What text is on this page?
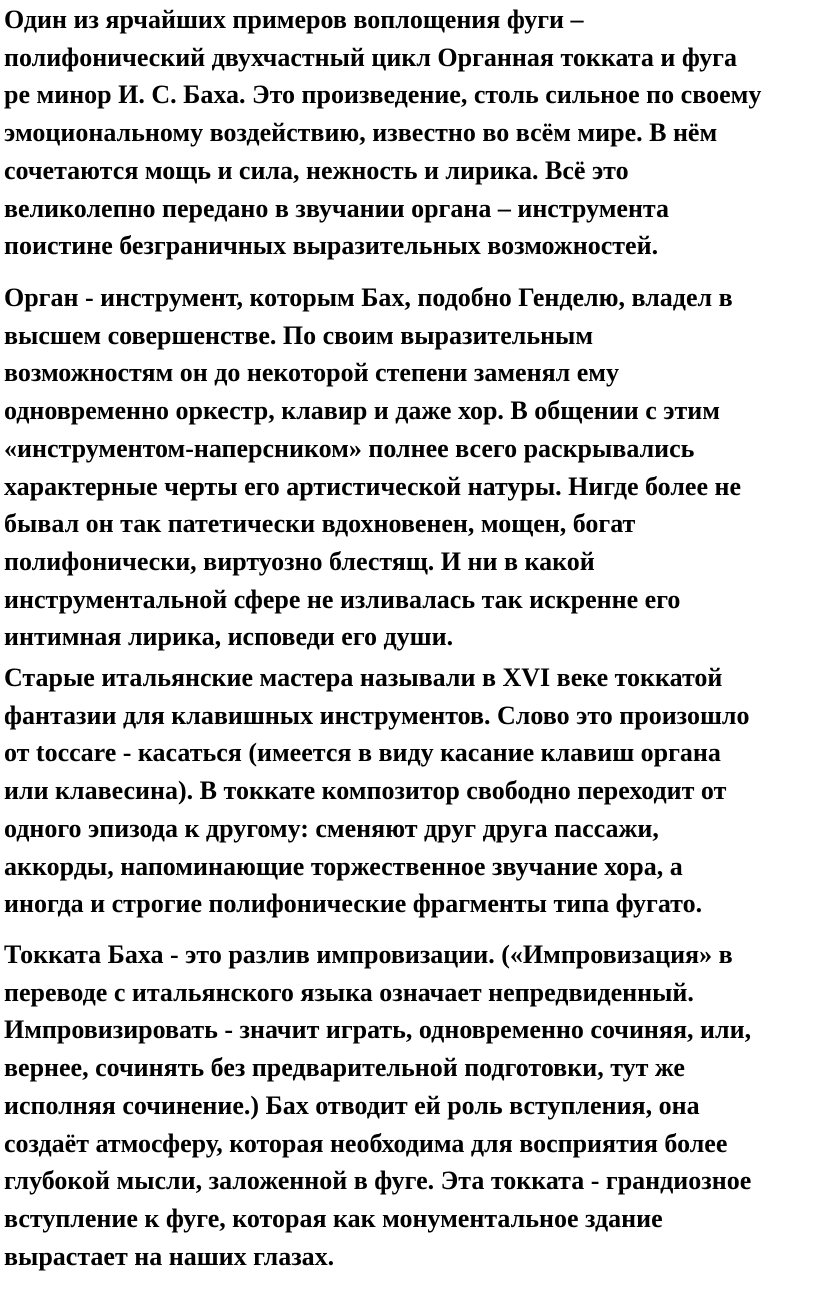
Один из ярчайших примеров воплощения фуги –
полифонический двухчастный цикл Органная токката и фуга
ре минор И. С. Баха. Это произведение, столь сильное по своему
эмоциональному воздействию, известно во всём мире. В нём
сочетаются мощь и сила, нежность и лирика. Всё это
великолепно передано в звучании органа – инструмента
поистине безграничных выразительных возможностей.
Орган - инструмент, которым Бах, подобно Генделю, владел в
высшем совершенстве. По своим выразительным
возможностям он до некоторой степени заменял ему
одновременно оркестр, клавир и даже хор. В общении с этим
«инструментом-наперсником» полнее всего раскрывались
характерные черты его артистической натуры. Нигде более не
бывал он так патетически вдохновенен, мощен, богат
полифонически, виртуозно блестящ. И ни в какой
инструментальной сфере не изливалась так искренне его
интимная лирика, исповеди его души.
Старые итальянские мастера называли в XVI веке токкатой
фантазии для клавишных инструментов. Слово это произошло
от toccare - касаться (имеется в виду касание клавиш органа
или клавесина). В токкате композитор свободно переходит от
одного эпизода к другому: сменяют друг друга пассажи,
аккорды, напоминающие торжественное звучание хора, а
иногда и строгие полифонические фрагменты типа фугато.
Токката Баха - это разлив импровизации. («Импровизация» в
переводе с итальянского языка означает непредвиденный.
Импровизировать - значит играть, одновременно сочиняя, или,
вернее, сочинять без предварительной подготовки, тут же
исполняя сочинение.) Бах отводит ей роль вступления, она
создаёт атмосферу, которая необходима для восприятия более
глубокой мысли, заложенной в фуге. Эта токката - грандиозное
вступление к фуге, которая как монументальное здание
вырастает на наших глазах.
